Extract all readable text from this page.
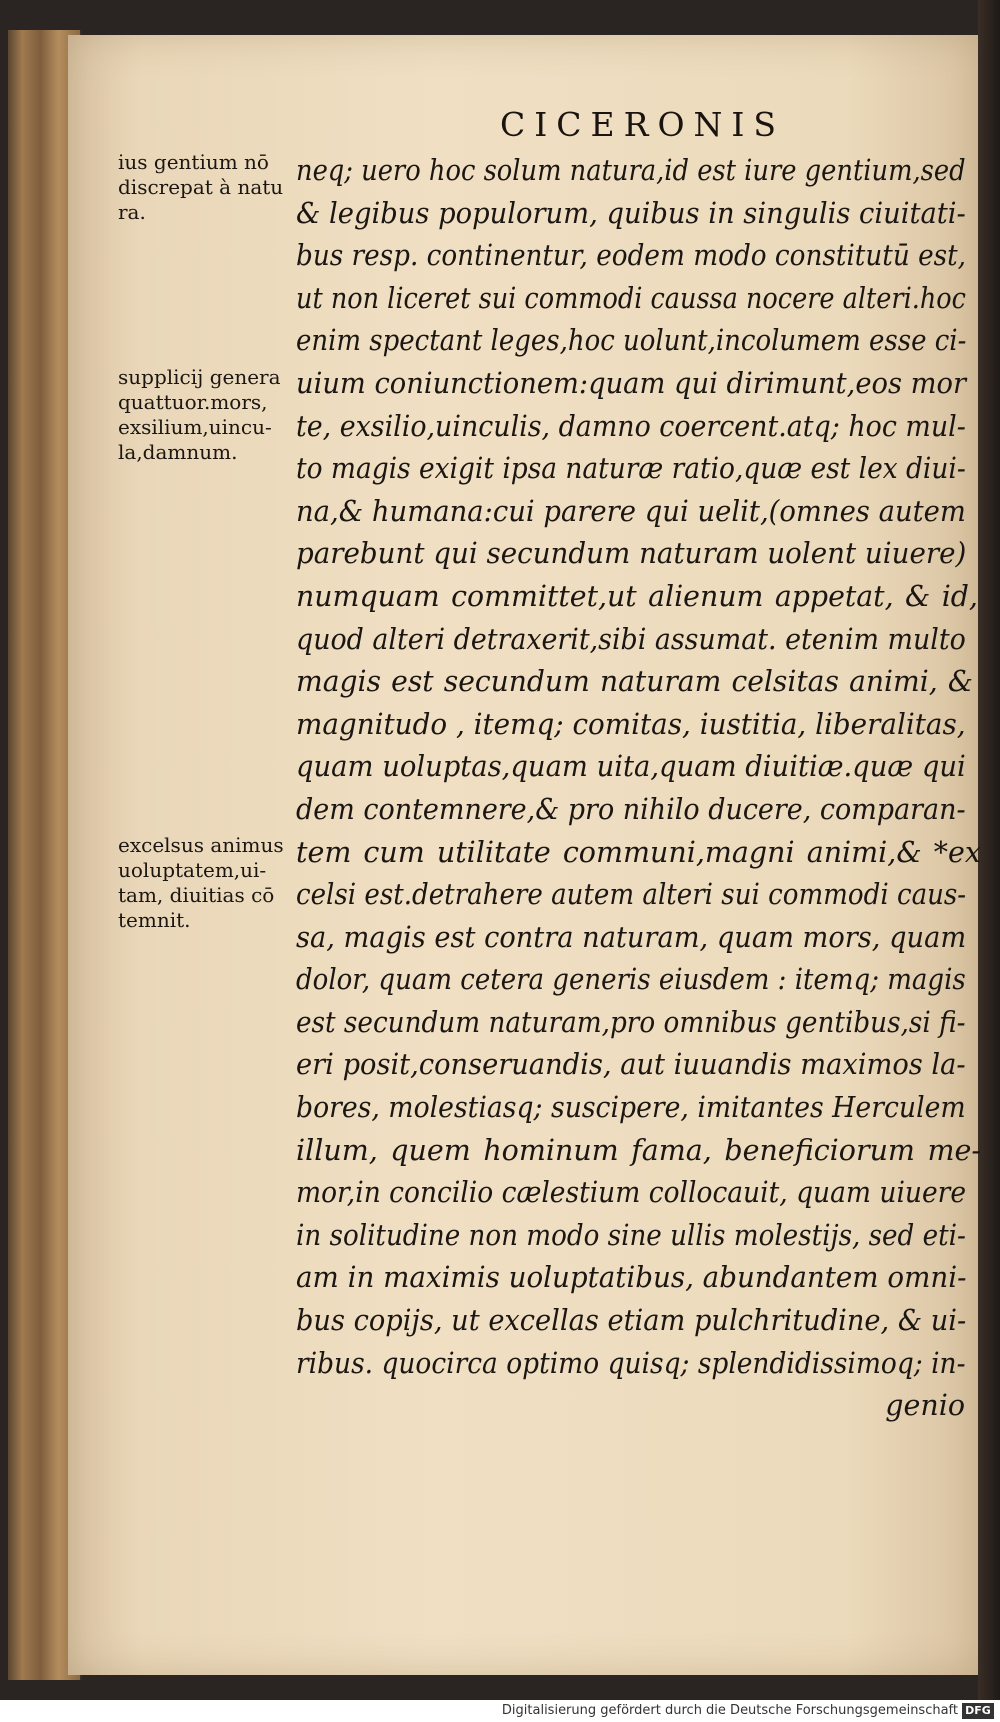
CICERONIS
ius gentium nō
discrepat à natu
ra.
supplicij genera
quattuor.mors,
exsilium,uincu-
la,damnum.
excelsus animus
uoluptatem,ui-
tam, diuitias cō
temnit.
neq; uero hoc solum natura,id est iure gentium,sed
& legibus populorum, quibus in singulis ciuitati-
bus resp. continentur, eodem modo constitutū est,
ut non liceret sui commodi caussa nocere alteri.hoc
enim spectant leges,hoc uolunt,incolumem esse ci-
uium coniunctionem:quam qui dirimunt,eos mor
te, exsilio,uinculis, damno coercent.atq; hoc mul-
to magis exigit ipsa naturæ ratio,quæ est lex diui-
na,& humana:cui parere qui uelit,(omnes autem
parebunt qui secundum naturam uolent uiuere)
numquam committet,ut alienum appetat, & id,
quod alteri detraxerit,sibi assumat. etenim multo
magis est secundum naturam celsitas animi, &
magnitudo , itemq; comitas, iustitia, liberalitas,
quam uoluptas,quam uita,quam diuitiæ.quæ qui
dem contemnere,& pro nihilo ducere, comparan-
tem cum utilitate communi,magni animi,& *ex
celsi est.detrahere autem alteri sui commodi caus-
sa, magis est contra naturam, quam mors, quam
dolor, quam cetera generis eiusdem : itemq; magis
est secundum naturam,pro omnibus gentibus,si fi-
eri posit,conseruandis, aut iuuandis maximos la-
bores, molestiasq; suscipere, imitantes Herculem
illum, quem hominum fama, beneficiorum me-
mor,in concilio cælestium collocauit, quam uiuere
in solitudine non modo sine ullis molestijs, sed eti-
am in maximis uoluptatibus, abundantem omni-
bus copijs, ut excellas etiam pulchritudine, & ui-
ribus. quocirca optimo quisq; splendidissimoq; in-
genio
Digitalisierung gefördert durch die Deutsche Forschungsgemeinschaft DFG
